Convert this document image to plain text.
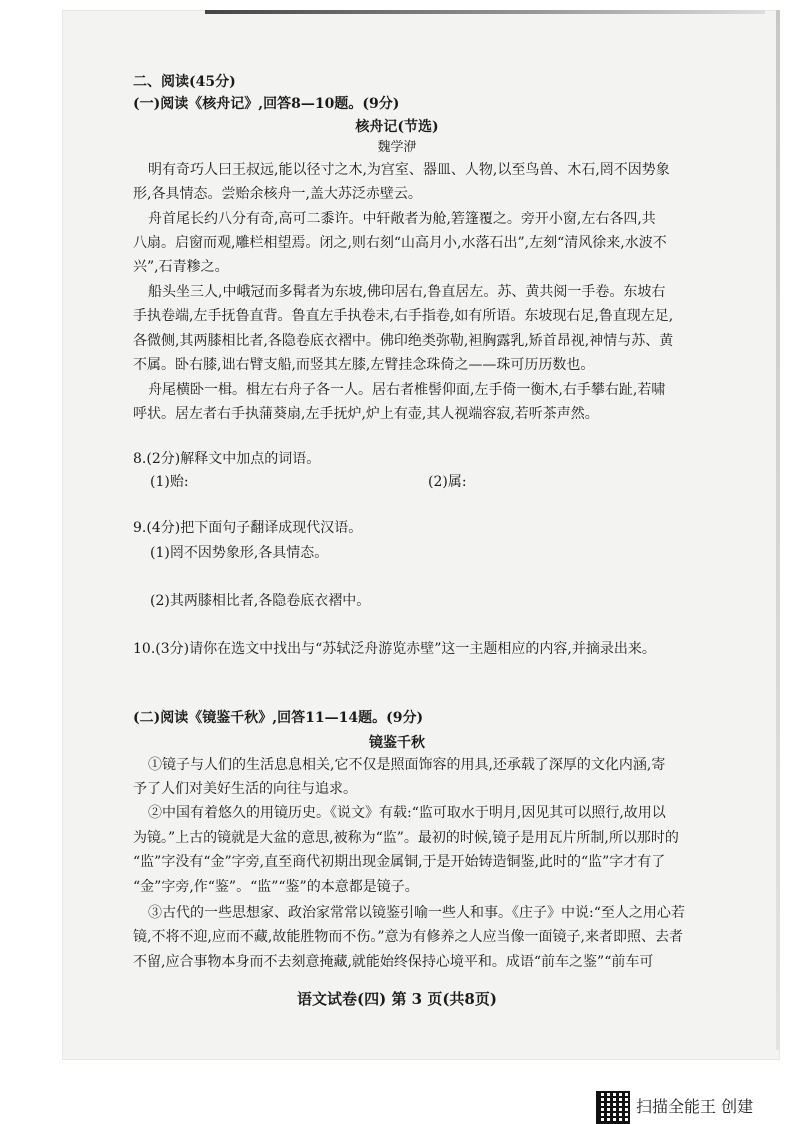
二、阅读(45分)
(一)阅读《核舟记》,回答8—10题。(9分)
核舟记(节选)
魏学洢
明有奇巧人曰王叔远,能以径寸之木,为宫室、器皿、人物,以至鸟兽、木石,罔不因势象
形,各具情态。尝贻余核舟一,盖大苏泛赤壁云。
舟首尾长约八分有奇,高可二黍许。中轩敞者为舱,箬篷覆之。旁开小窗,左右各四,共
八扇。启窗而观,雕栏相望焉。闭之,则右刻“山高月小,水落石出”,左刻“清风徐来,水波不
兴”,石青糁之。
船头坐三人,中峨冠而多髯者为东坡,佛印居右,鲁直居左。苏、黄共阅一手卷。东坡右
手执卷端,左手抚鲁直背。鲁直左手执卷末,右手指卷,如有所语。东坡现右足,鲁直现左足,
各微侧,其两膝相比者,各隐卷底衣褶中。佛印绝类弥勒,袒胸露乳,矫首昂视,神情与苏、黄
不属。卧右膝,诎右臂支船,而竖其左膝,左臂挂念珠倚之——珠可历历数也。
舟尾横卧一楫。楫左右舟子各一人。居右者椎髻仰面,左手倚一衡木,右手攀右趾,若啸
呼状。居左者右手执蒲葵扇,左手抚炉,炉上有壶,其人视端容寂,若听茶声然。
8.(2分)解释文中加点的词语。
(1)贻:	(2)属:
9.(4分)把下面句子翻译成现代汉语。
(1)罔不因势象形,各具情态。
(2)其两膝相比者,各隐卷底衣褶中。
10.(3分)请你在选文中找出与“苏轼泛舟游览赤壁”这一主题相应的内容,并摘录出来。
(二)阅读《镜鉴千秋》,回答11—14题。(9分)
镜鉴千秋
①镜子与人们的生活息息相关,它不仅是照面饰容的用具,还承载了深厚的文化内涵,寄
予了人们对美好生活的向往与追求。
②中国有着悠久的用镜历史。《说文》有载:“监可取水于明月,因见其可以照行,故用以
为镜。”上古的镜就是大盆的意思,被称为“监”。最初的时候,镜子是用瓦片所制,所以那时的
“监”字没有“金”字旁,直至商代初期出现金属铜,于是开始铸造铜鉴,此时的“监”字才有了
“金”字旁,作“鉴”。“监”“鉴”的本意都是镜子。
③古代的一些思想家、政治家常常以镜鉴引喻一些人和事。《庄子》中说:“至人之用心若
镜,不将不迎,应而不藏,故能胜物而不伤。”意为有修养之人应当像一面镜子,来者即照、去者
不留,应合事物本身而不去刻意掩藏,就能始终保持心境平和。成语“前车之鉴”“前车可
语文试卷(四) 第 3 页(共8页)
扫描全能王 创建
